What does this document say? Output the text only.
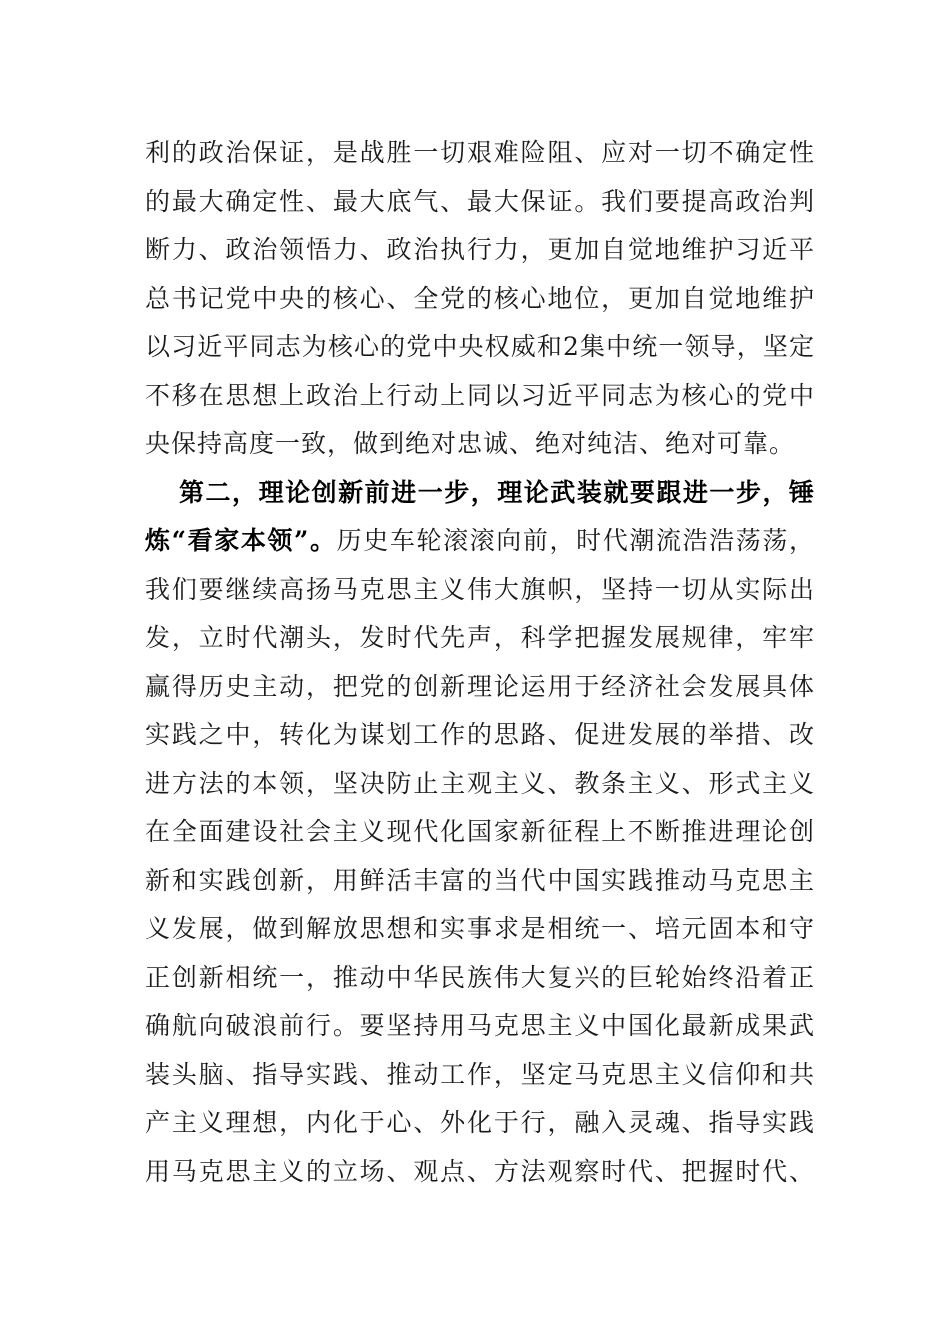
利的政治保证，是战胜一切艰难险阻、应对一切不确定性
的最大确定性、最大底气、最大保证。我们要提高政治判
断力、政治领悟力、政治执行力，更加自觉地维护习近平
总书记党中央的核心、全党的核心地位，更加自觉地维护
以习近平同志为核心的党中央权威和2集中统一领导，坚定
不移在思想上政治上行动上同以习近平同志为核心的党中
央保持高度一致，做到绝对忠诚、绝对纯洁、绝对可靠。
第二，理论创新前进一步，理论武装就要跟进一步，锤
炼“看家本领”。历史车轮滚滚向前，时代潮流浩浩荡荡，
我们要继续高扬马克思主义伟大旗帜，坚持一切从实际出
发，立时代潮头，发时代先声，科学把握发展规律，牢牢
赢得历史主动，把党的创新理论运用于经济社会发展具体
实践之中，转化为谋划工作的思路、促进发展的举措、改
进方法的本领，坚决防止主观主义、教条主义、形式主义
在全面建设社会主义现代化国家新征程上不断推进理论创
新和实践创新，用鲜活丰富的当代中国实践推动马克思主
义发展，做到解放思想和实事求是相统一、培元固本和守
正创新相统一，推动中华民族伟大复兴的巨轮始终沿着正
确航向破浪前行。要坚持用马克思主义中国化最新成果武
装头脑、指导实践、推动工作，坚定马克思主义信仰和共
产主义理想，内化于心、外化于行，融入灵魂、指导实践
用马克思主义的立场、观点、方法观察时代、把握时代、
